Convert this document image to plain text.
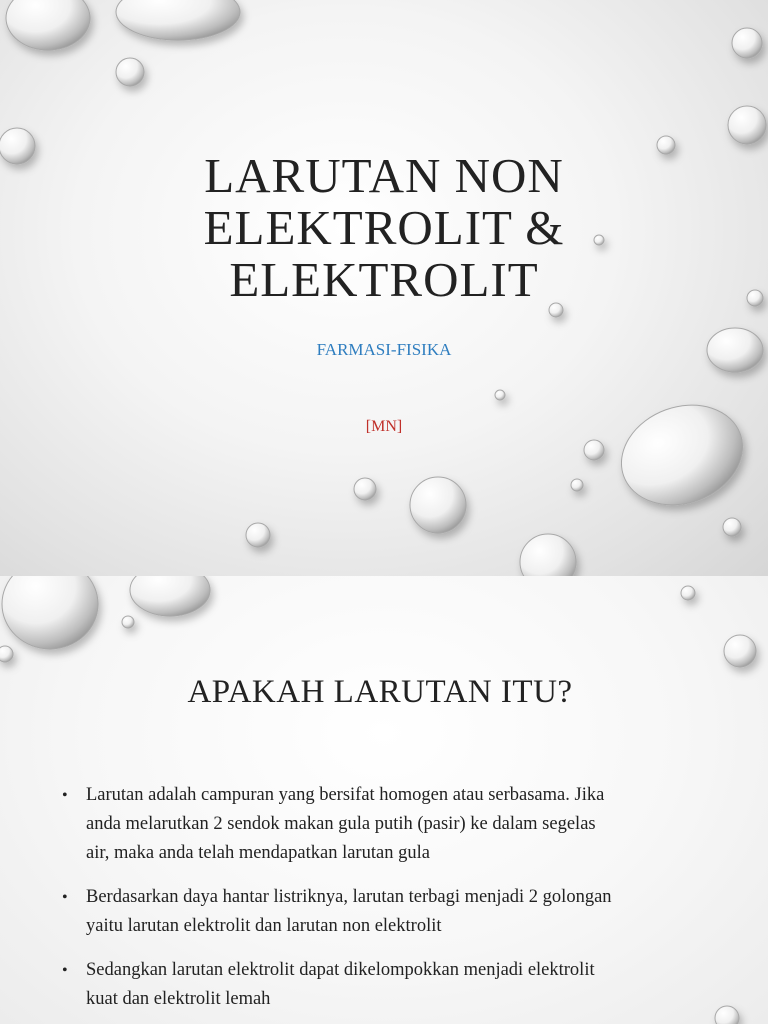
LARUTAN NON
ELEKTROLIT &
ELEKTROLIT

FARMASI-FISIKA

[MN]

APAKAH LARUTAN ITU?
• Larutan adalah campuran yang bersifat homogen atau serbasama. Jika
anda melarutkan 2 sendok makan gula putih (pasir) ke dalam segelas
air, maka anda telah mendapatkan larutan gula
• Berdasarkan daya hantar listriknya, larutan terbagi menjadi 2 golongan
yaitu larutan elektrolit dan larutan non elektrolit
• Sedangkan larutan elektrolit dapat dikelompokkan menjadi elektrolit
kuat dan elektrolit lemah
